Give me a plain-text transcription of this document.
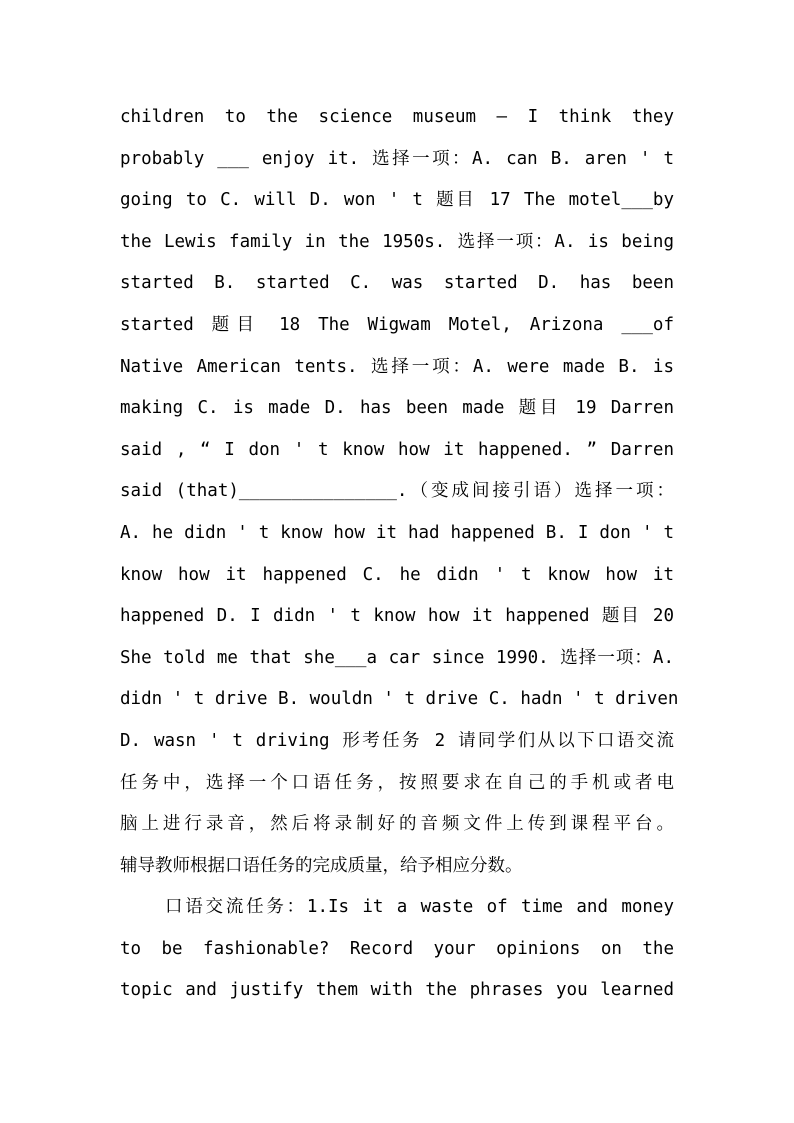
children to the science museum – I think they
probably ___ enjoy it. 选择一项：A. can B. aren ' t
going to C. will D. won ' t 题目 17 The motel___by
the Lewis family in the 1950s. 选择一项：A. is being
started B. started C. was started D. has been
started 题目 18 The Wigwam Motel, Arizona ___of
Native American tents. 选择一项：A. were made B. is
making C. is made D. has been made 题目 19 Darren
said , “ I don ' t know how it happened. ” Darren
said (that)_______________.（变成间接引语）选择一项：
A. he didn ' t know how it had happened B. I don ' t
know how it happened C. he didn ' t know how it
happened D. I didn ' t know how it happened 题目 20
She told me that she___a car since 1990. 选择一项：A.
didn ' t drive B. wouldn ' t drive C. hadn ' t driven
D. wasn ' t driving 形考任务 2 请同学们从以下口语交流
任务中，选择一个口语任务，按照要求在自己的手机或者电
脑上进行录音，然后将录制好的音频文件上传到课程平台。
辅导教师根据口语任务的完成质量，给予相应分数。
口语交流任务：1.Is it a waste of time and money
to be fashionable? Record your opinions on the
topic and justify them with the phrases you learned
